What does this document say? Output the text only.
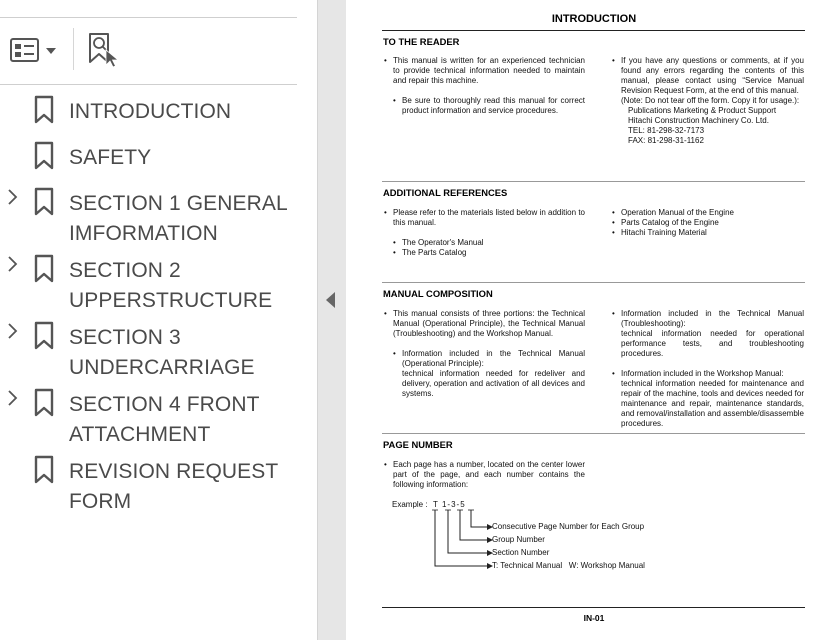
INTRODUCTION
SAFETY
SECTION 1 GENERAL IMFORMATION
SECTION 2 UPPERSTRUCTURE
SECTION 3 UNDERCARRIAGE
SECTION 4 FRONT ATTACHMENT
REVISION REQUEST FORM
INTRODUCTION
TO THE READER

• This manual is written for an experienced technician to provide technical information needed to maintain and repair this machine.

• Be sure to thoroughly read this manual for correct product information and service procedures.

• If you have any questions or comments, at if you found any errors regarding the contents of this manual, please contact using “Service Manual Revision Request Form, at the end of this manual.

(Note: Do not tear off the form. Copy it for usage.):

Publications Marketing & Product Support

Hitachi Construction Machinery Co. Ltd.

TEL: 81-298-32-7173

FAX: 81-298-31-1162

ADDITIONAL REFERENCES

• Please refer to the materials listed below in addition to this manual.

• The Operator's Manual

• The Parts Catalog

• Operation Manual of the Engine

• Parts Catalog of the Engine

• Hitachi Training Material

MANUAL COMPOSITION

• This manual consists of three portions: the Technical Manual (Operational Principle), the Technical Manual (Troubleshooting) and the Workshop Manual.

• Information included in the Technical Manual (Operational Principle):

technical information needed for redeliver and delivery, operation and activation of all devices and systems.

• Information included in the Technical Manual (Troubleshooting):

technical information needed for operational performance tests, and troubleshooting procedures.

• Information included in the Workshop Manual:

technical information needed for maintenance and repair of the machine, tools and devices needed for maintenance and repair, maintenance standards, and removal/installation and assemble/disassemble procedures.

PAGE NUMBER

• Each page has a number, located on the center lower part of the page, and each number contains the following information:

Example : T 1-3-5
Consecutive Page Number for Each Group
Group Number
Section Number
T: Technical Manual   W: Workshop Manual
IN-01
